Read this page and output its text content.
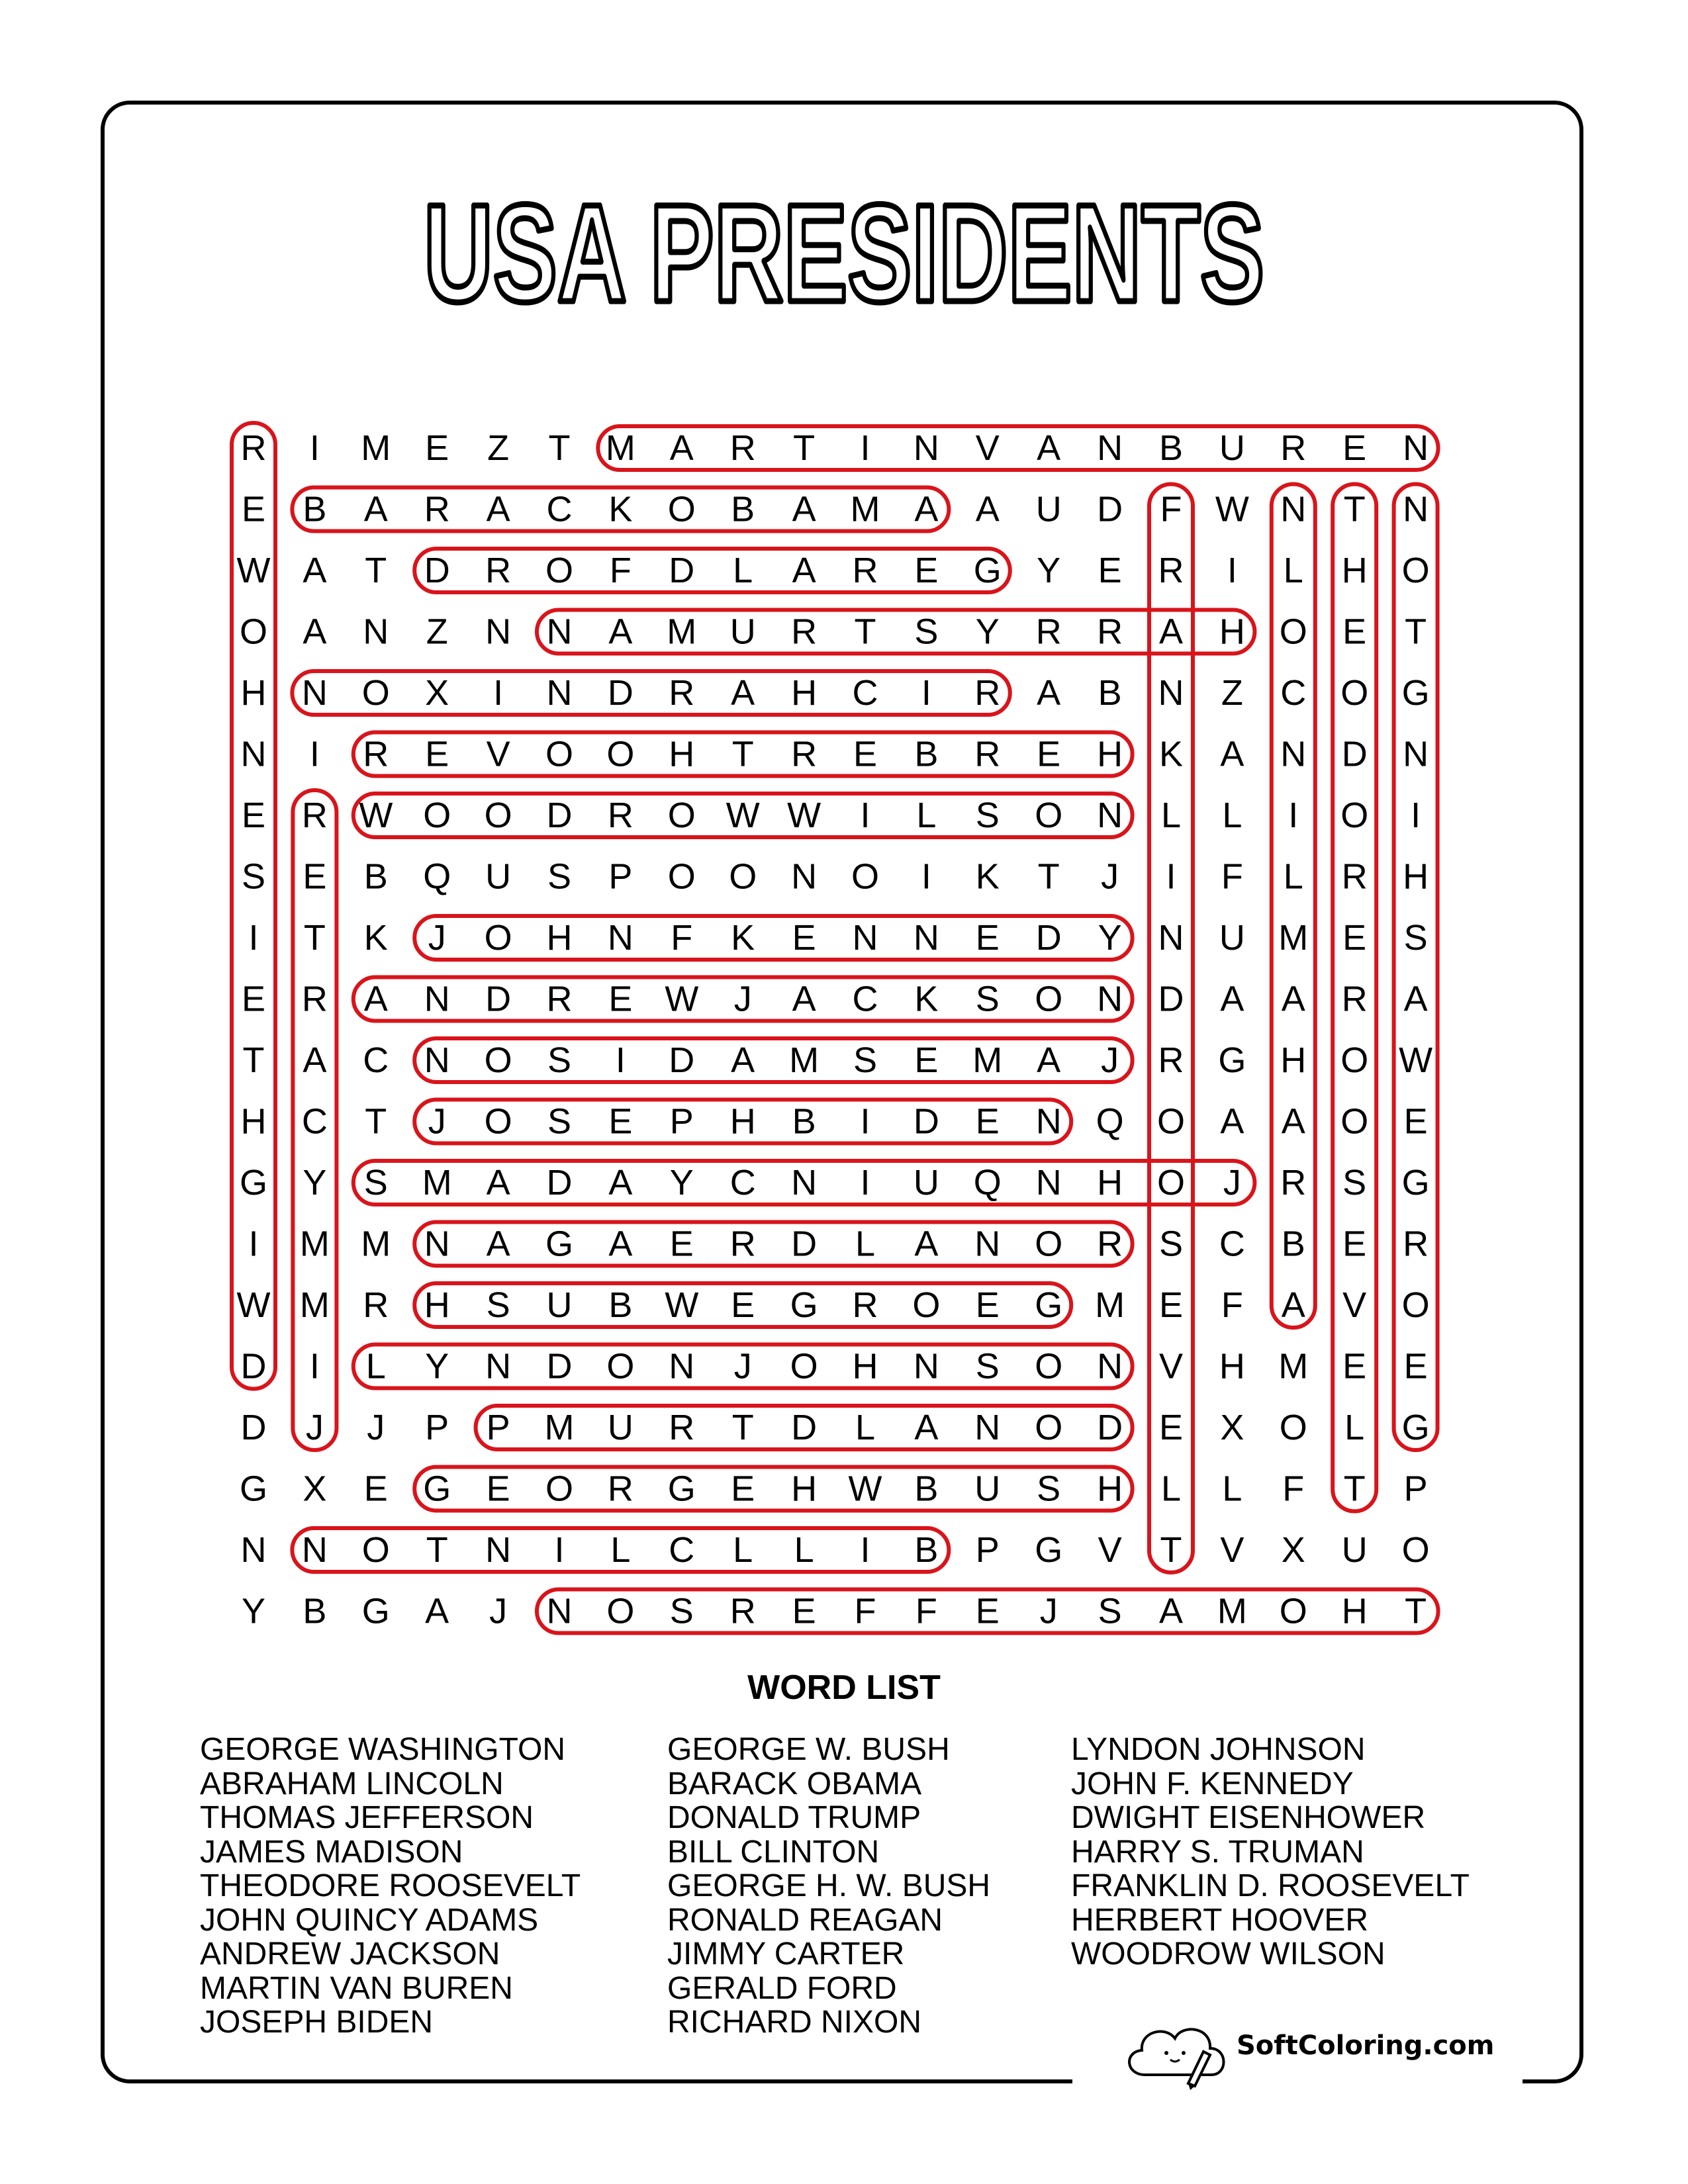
USA PRESIDENTS
R I M E Z T M A R T I N V A N B U R E N
E B A R A C K O B A M A A U D F W N T N
W A T D R O F D L A R E G Y E R I L H O
O A N Z N N A M U R T S Y R R A H O E T
H N O X I N D R A H C I R A B N Z C O G
N I R E V O O H T R E B R E H K A N D N
E R W O O D R O W W I L S O N L L I O I
S E B Q U S P O O N O I K T J I F L R H
I T K J O H N F K E N N E D Y N U M E S
E R A N D R E W J A C K S O N D A A R A
T A C N O S I D A M S E M A J R G H O W
H C T J O S E P H B I D E N Q O A A O E
G Y S M A D A Y C N I U Q N H O J R S G
I M M N A G A E R D L A N O R S C B E R
W M R H S U B W E G R O E G M E F A V O
D I L Y N D O N J O H N S O N V H M E E
D J J P P M U R T D L A N O D E X O L G
G X E G E O R G E H W B U S H L L F T P
N N O T N I L C L L I B P G V T V X U O
Y B G A J N O S R E F F E J S A M O H T
WORD LIST
GEORGE WASHINGTON
ABRAHAM LINCOLN
THOMAS JEFFERSON
JAMES MADISON
THEODORE ROOSEVELT
JOHN QUINCY ADAMS
ANDREW JACKSON
MARTIN VAN BUREN
JOSEPH BIDEN
GEORGE W. BUSH
BARACK OBAMA
DONALD TRUMP
BILL CLINTON
GEORGE H. W. BUSH
RONALD REAGAN
JIMMY CARTER
GERALD FORD
RICHARD NIXON
LYNDON JOHNSON
JOHN F. KENNEDY
DWIGHT EISENHOWER
HARRY S. TRUMAN
FRANKLIN D. ROOSEVELT
HERBERT HOOVER
WOODROW WILSON
SoftColoring.com
